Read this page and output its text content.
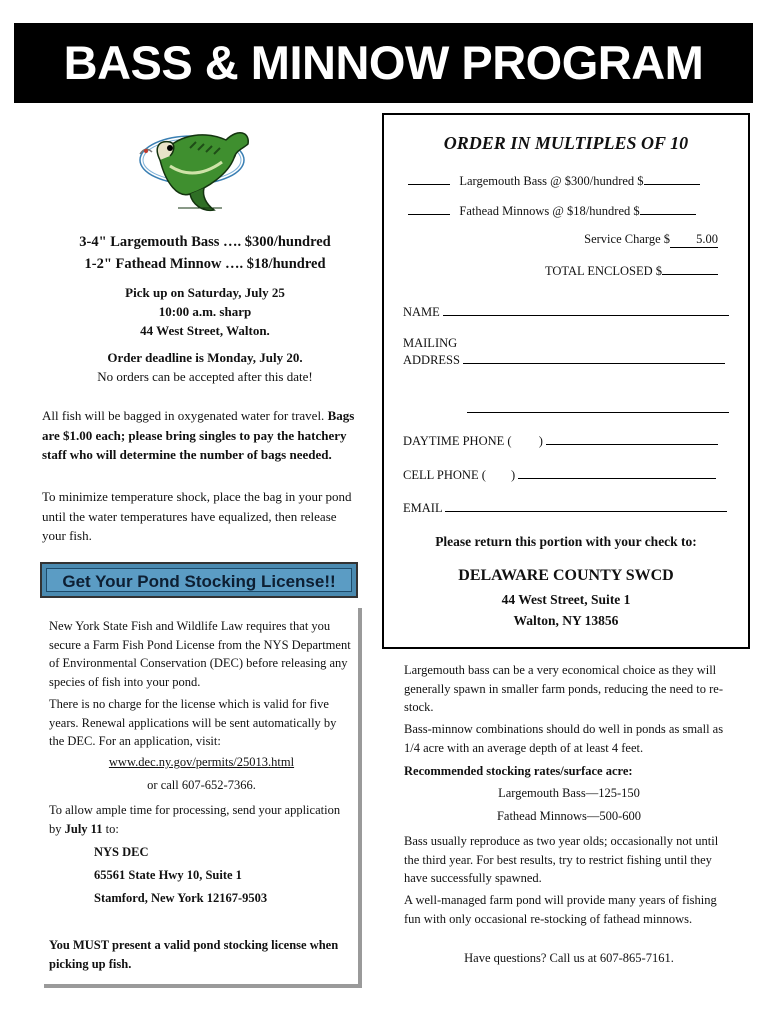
BASS & MINNOW PROGRAM
3-4" Largemouth Bass …. $300/hundred
1-2" Fathead Minnow …. $18/hundred
Pick up on Saturday, July 25
10:00 a.m. sharp
44 West Street, Walton.
Order deadline is Monday, July 20.
No orders can be accepted after this date!
All fish will be bagged in oxygenated water for travel. Bags are $1.00 each; please bring singles to pay the hatchery staff who will determine the number of bags needed.
To minimize temperature shock, place the bag in your pond until the water temperatures have equalized, then release your fish.
ORDER IN MULTIPLES OF 10
Largemouth Bass @ $300/hundred $
Fathead Minnows @ $18/hundred $
Service Charge $ 5.00
TOTAL ENCLOSED $
NAME
MAILING
ADDRESS
DAYTIME PHONE ( )
CELL PHONE ( )
EMAIL
Please return this portion with your check to:
DELAWARE COUNTY SWCD
44 West Street, Suite 1
Walton, NY 13856
Get Your Pond Stocking License!!
New York State Fish and Wildlife Law requires that you secure a Farm Fish Pond License from the NYS Department of Environmental Conservation (DEC) before releasing any species of fish into your pond.
There is no charge for the license which is valid for five years. Renewal applications will be sent automatically by the DEC. For an application, visit:
www.dec.ny.gov/permits/25013.html
or call 607-652-7366.
To allow ample time for processing, send your application by July 11 to:
NYS DEC
65561 State Hwy 10, Suite 1
Stamford, New York 12167-9503
You MUST present a valid pond stocking license when picking up fish.
Largemouth bass can be a very economical choice as they will generally spawn in smaller farm ponds, reducing the need to re-stock.
Bass-minnow combinations should do well in ponds as small as 1/4 acre with an average depth of at least 4 feet.
Recommended stocking rates/surface acre:
Largemouth Bass—125-150
Fathead Minnows—500-600
Bass usually reproduce as two year olds; occasionally not until the third year. For best results, try to restrict fishing until they have successfully spawned.
A well-managed farm pond will provide many years of fishing fun with only occasional re-stocking of fathead minnows.
Have questions? Call us at 607-865-7161.
